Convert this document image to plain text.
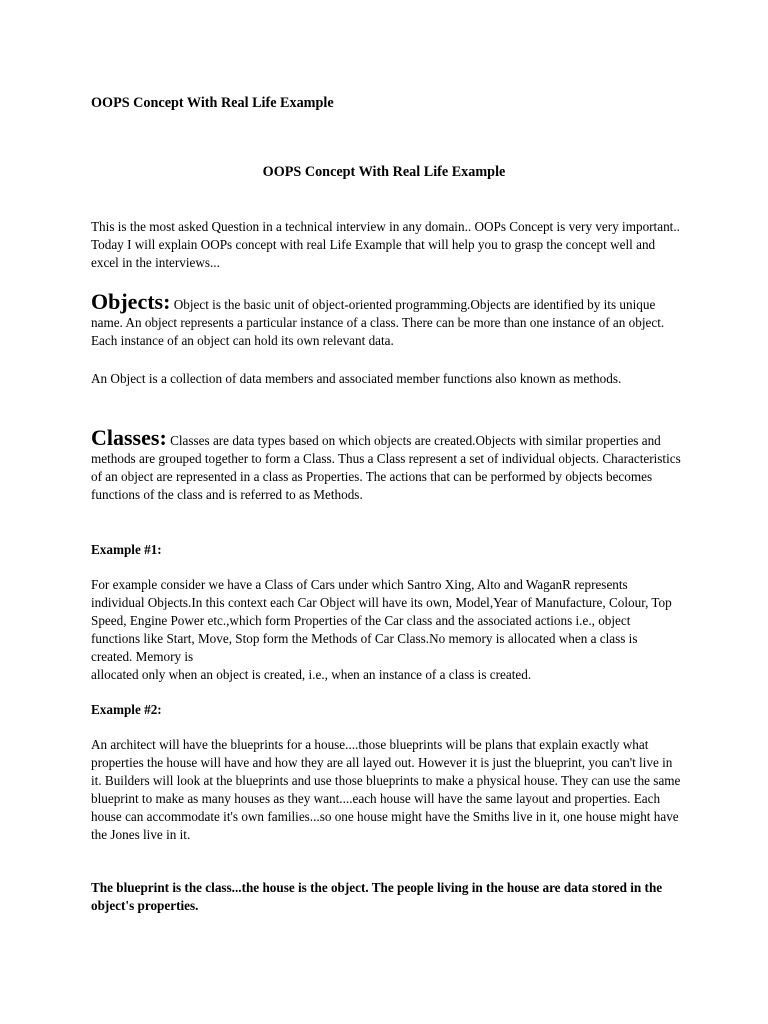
OOPS Concept With Real Life Example

OOPS Concept With Real Life Example

This is the most asked Question in a technical interview in any domain.. OOPs Concept is very very important.. Today I will explain OOPs concept with real Life Example that will help you to grasp the concept well and excel in the interviews...

Objects: Object is the basic unit of object-oriented programming.Objects are identified by its unique name. An object represents a particular instance of a class. There can be more than one instance of an object. Each instance of an object can hold its own relevant data.

An Object is a collection of data members and associated member functions also known as methods.

Classes: Classes are data types based on which objects are created.Objects with similar properties and methods are grouped together to form a Class. Thus a Class represent a set of individual objects. Characteristics of an object are represented in a class as Properties. The actions that can be performed by objects becomes functions of the class and is referred to as Methods.

Example #1:

For example consider we have a Class of Cars under which Santro Xing, Alto and WaganR represents individual Objects.In this context each Car Object will have its own, Model,Year of Manufacture, Colour, Top Speed, Engine Power etc.,which form Properties of the Car class and the associated actions i.e., object functions like Start, Move, Stop form the Methods of Car Class.No memory is allocated when a class is created. Memory is
allocated only when an object is created, i.e., when an instance of a class is created.

Example #2:

An architect will have the blueprints for a house....those blueprints will be plans that explain exactly what properties the house will have and how they are all layed out. However it is just the blueprint, you can't live in it. Builders will look at the blueprints and use those blueprints to make a physical house. They can use the same blueprint to make as many houses as they want....each house will have the same layout and properties. Each house can accommodate it's own families...so one house might have the Smiths live in it, one house might have the Jones live in it.

The blueprint is the class...the house is the object. The people living in the house are data stored in the object's properties.
